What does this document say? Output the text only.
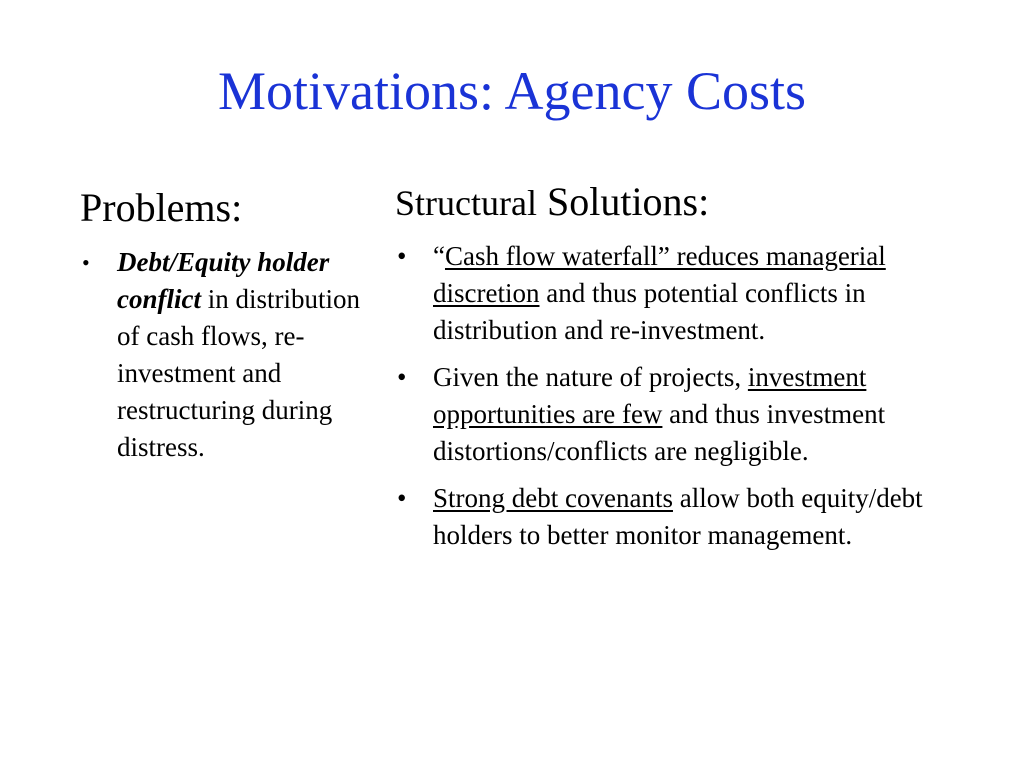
Motivations: Agency Costs
Problems:
• Debt/Equity holder conflict in distribution of cash flows, re-investment and restructuring during distress.
Structural Solutions:
• “Cash flow waterfall” reduces managerial discretion and thus potential conflicts in distribution and re-investment.
• Given the nature of projects, investment opportunities are few and thus investment distortions/conflicts are negligible.
• Strong debt covenants allow both equity/debt holders to better monitor management.
